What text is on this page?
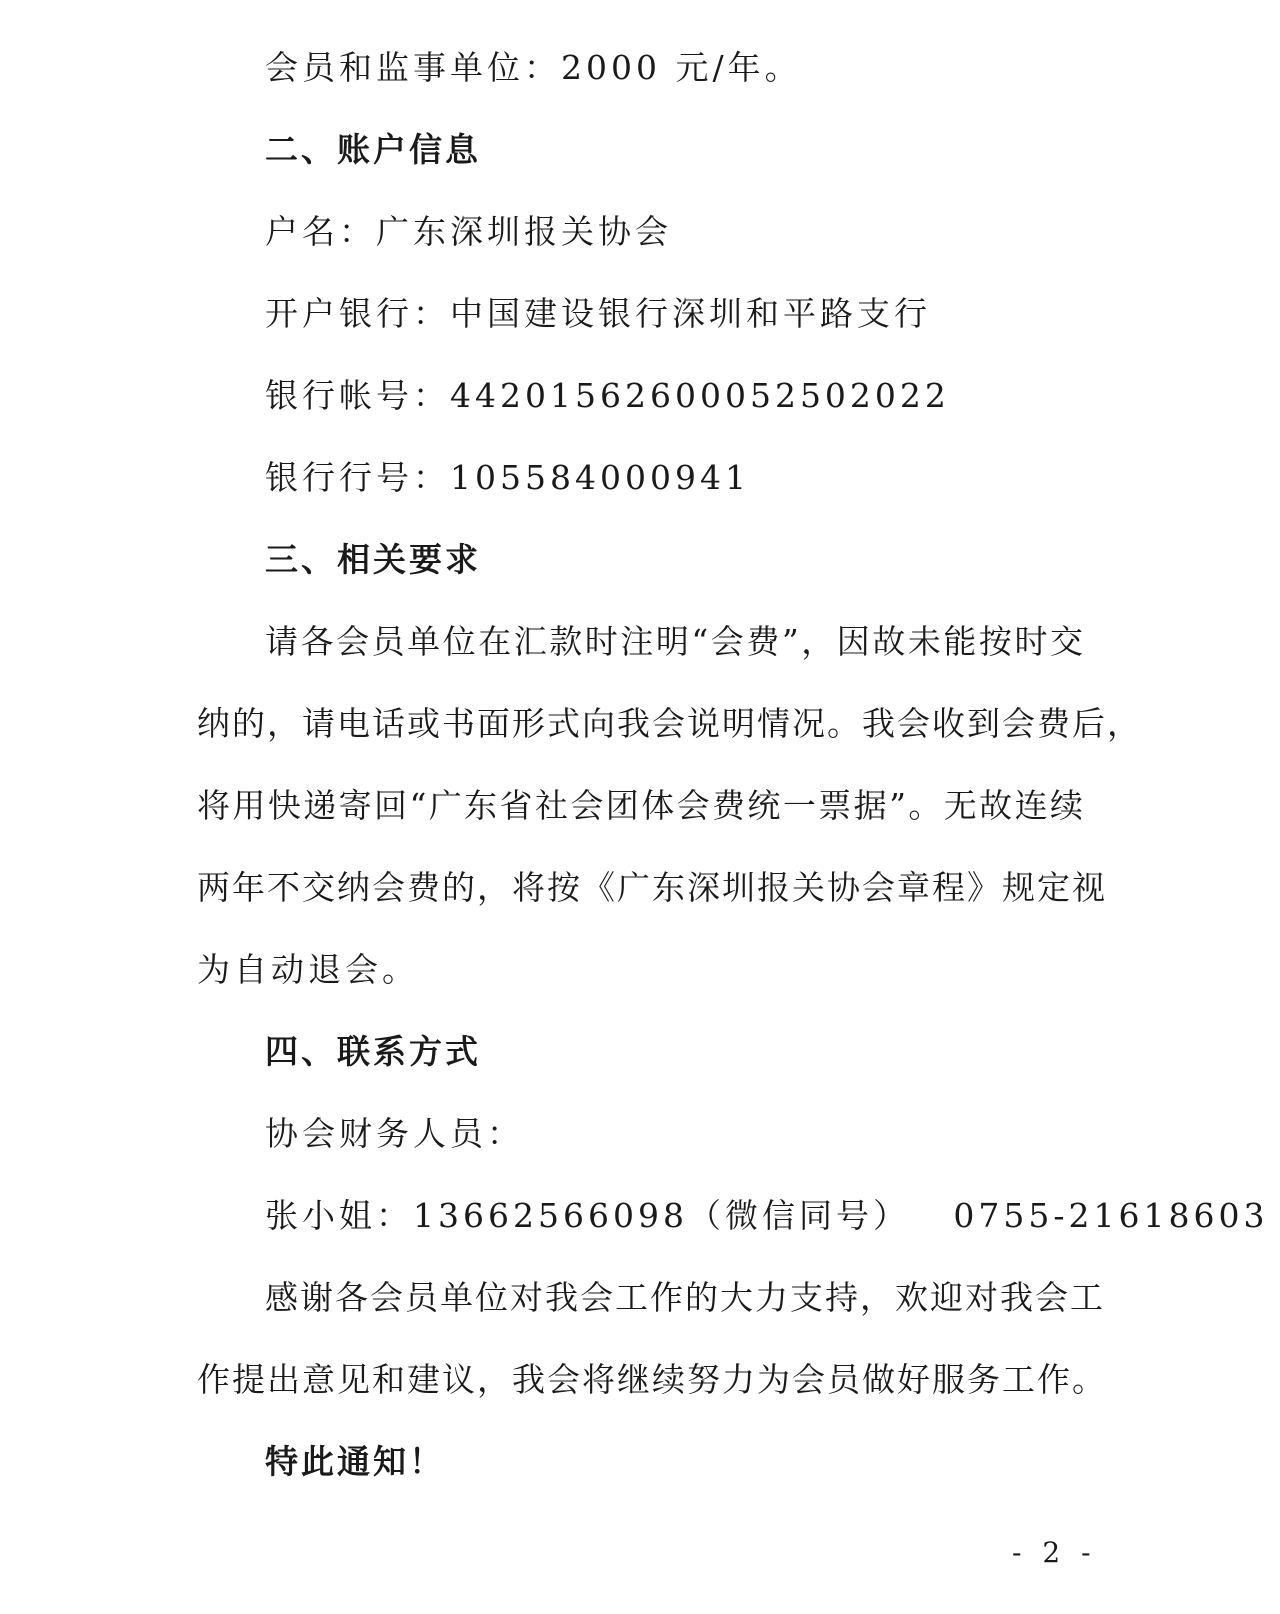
会员和监事单位：2000 元/年。
二、账户信息
户名：广东深圳报关协会
开户银行：中国建设银行深圳和平路支行
银行帐号：44201562600052502022
银行行号：105584000941
三、相关要求
请各会员单位在汇款时注明“会费”，因故未能按时交
纳的，请电话或书面形式向我会说明情况。我会收到会费后，
将用快递寄回“广东省社会团体会费统一票据”。无故连续
两年不交纳会费的，将按《广东深圳报关协会章程》规定视
为自动退会。
四、联系方式
协会财务人员：
张小姐：13662566098（微信同号）   0755-21618603
感谢各会员单位对我会工作的大力支持，欢迎对我会工
作提出意见和建议，我会将继续努力为会员做好服务工作。
特此通知！
- 2 -
